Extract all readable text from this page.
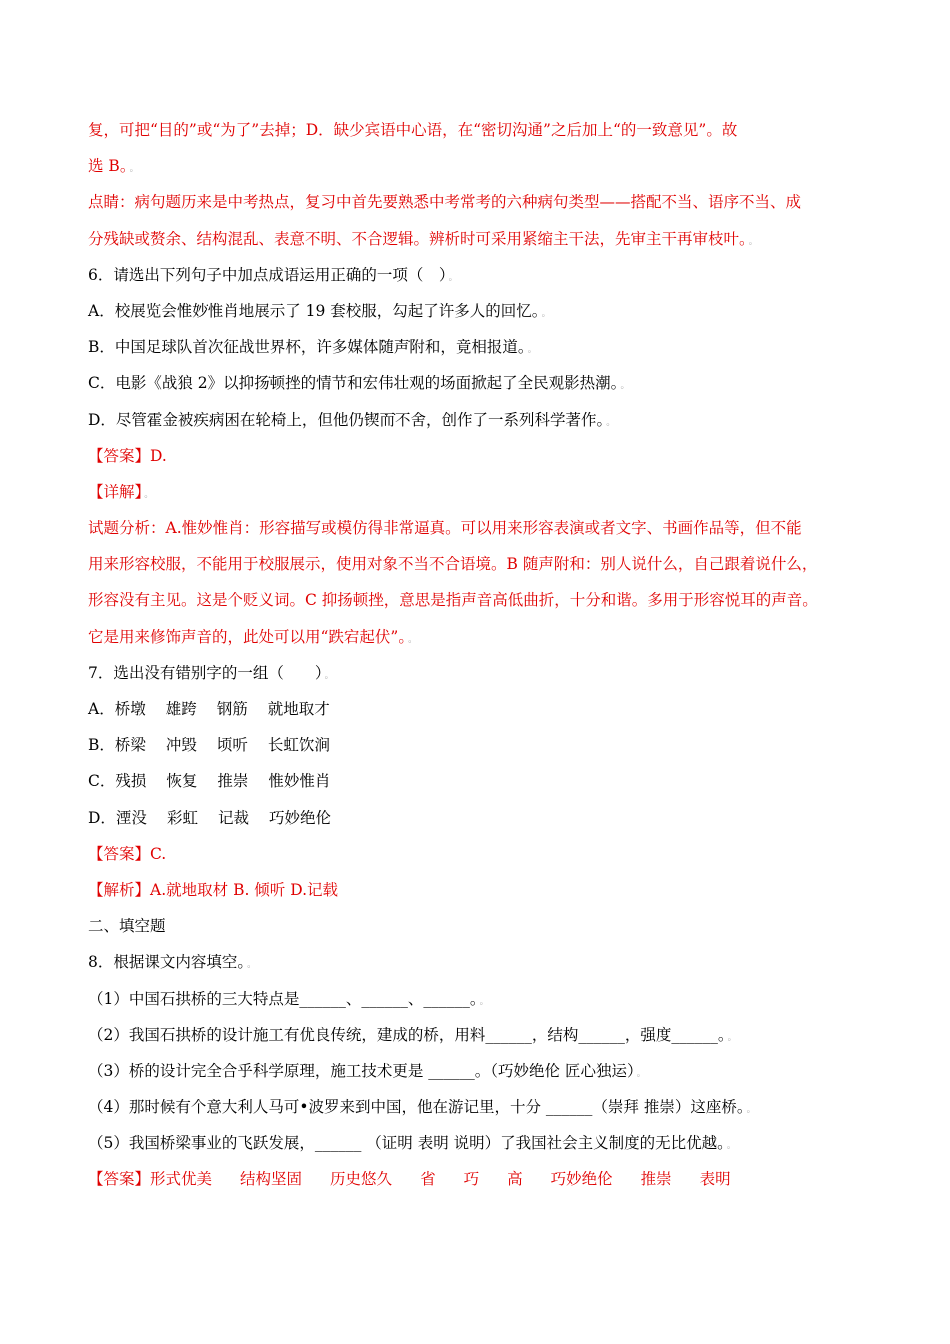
复，可把“目的”或“为了”去掉；D．缺少宾语中心语，在“密切沟通”之后加上“的一致意见”。故
选 B。 。
点睛：病句题历来是中考热点，复习中首先要熟悉中考常考的六种病句类型——搭配不当、语序不当、成
分残缺或赘余、结构混乱、表意不明、不合逻辑。辨析时可采用紧缩主干法，先审主干再审枝叶。 。
6．请选出下列句子中加点成语运用正确的一项（　） 。
A．校展览会· · · · 惟妙惟肖地展示了 19 套校服，勾起了许多人的回忆。 。
B．中国足球队首次征战世界杯，许多媒体· · · · 随声附和，竟相报道。 。
C．电影《战狼 2》以· · · · 抑扬顿挫的情节和宏伟壮观的场面掀起了全民观影热潮。 。
D．尽管霍金被疾病困在轮椅上，但他仍· · · · 锲而不舍，创作了一系列科学著作。 。
【答案】D.
【详解】 。
试题分析：A.惟妙惟肖：形容描写或模仿得非常逼真。可以用来形容表演或者文字、书画作品等，但不能
用来形容校服，不能用于校服展示，使用对象不当不合语境。B 随声附和：别人说什么，自己跟着说什么，
形容没有主见。这是个贬义词。C 抑扬顿挫，意思是指声音高低曲折，十分和谐。多用于形容悦耳的声音。
它是用来修饰声音的，此处可以用“跌宕起伏”。 。
7．选出没有错别字的一组（　　） 。
A．桥墩 雄跨 钢筋 就地取才
B．桥梁 冲毁 顷听 长虹饮涧
C．残损 恢复 推崇 惟妙惟肖
D．湮没 彩虹 记裁 巧妙绝伦
【答案】C.
【解析】A.就地取材 B. 倾听 D.记载
二、填空题
8．根据课文内容填空。 。
（1）中国石拱桥的三大特点是______、______、______。 。
（2）我国石拱桥的设计施工有优良传统，建成的桥，用料______，结构______，强度______。 。
（3）桥的设计完全合乎科学原理，施工技术更是 ______。（巧妙绝伦 匠心独运） 。
（4）那时候有个意大利人马可•波罗来到中国，他在游记里，十分 ______（崇拜 推崇）这座桥。 。
（5）我国桥梁事业的飞跃发展，______ （证明 表明 说明）了我国社会主义制度的无比优越。 。
【答案】形式优美 结构坚固 历史悠久 省 巧 高 巧妙绝伦 推崇 表明
